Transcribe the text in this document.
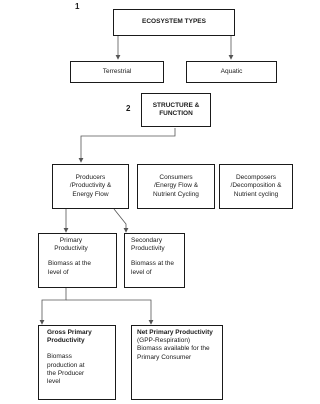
1
2
ECOSYSTEM TYPES
Terrestrial	Aquatic
STRUCTURE &
FUNCTION
Producers
/Productivity &
Energy Flow
Consumers
/Energy Flow &
Nutrient Cycling
Decomposers
/Decomposition &
Nutrient cycling
Primary
Productivity
Biomass at the
level of
Secondary
Productivity
Biomass at the
level of
Gross Primary
Productivity
Biomass
production at
the Producer
level
Net Primary Productivity
(GPP-Respiration)
Biomass available for the
Primary Consumer
